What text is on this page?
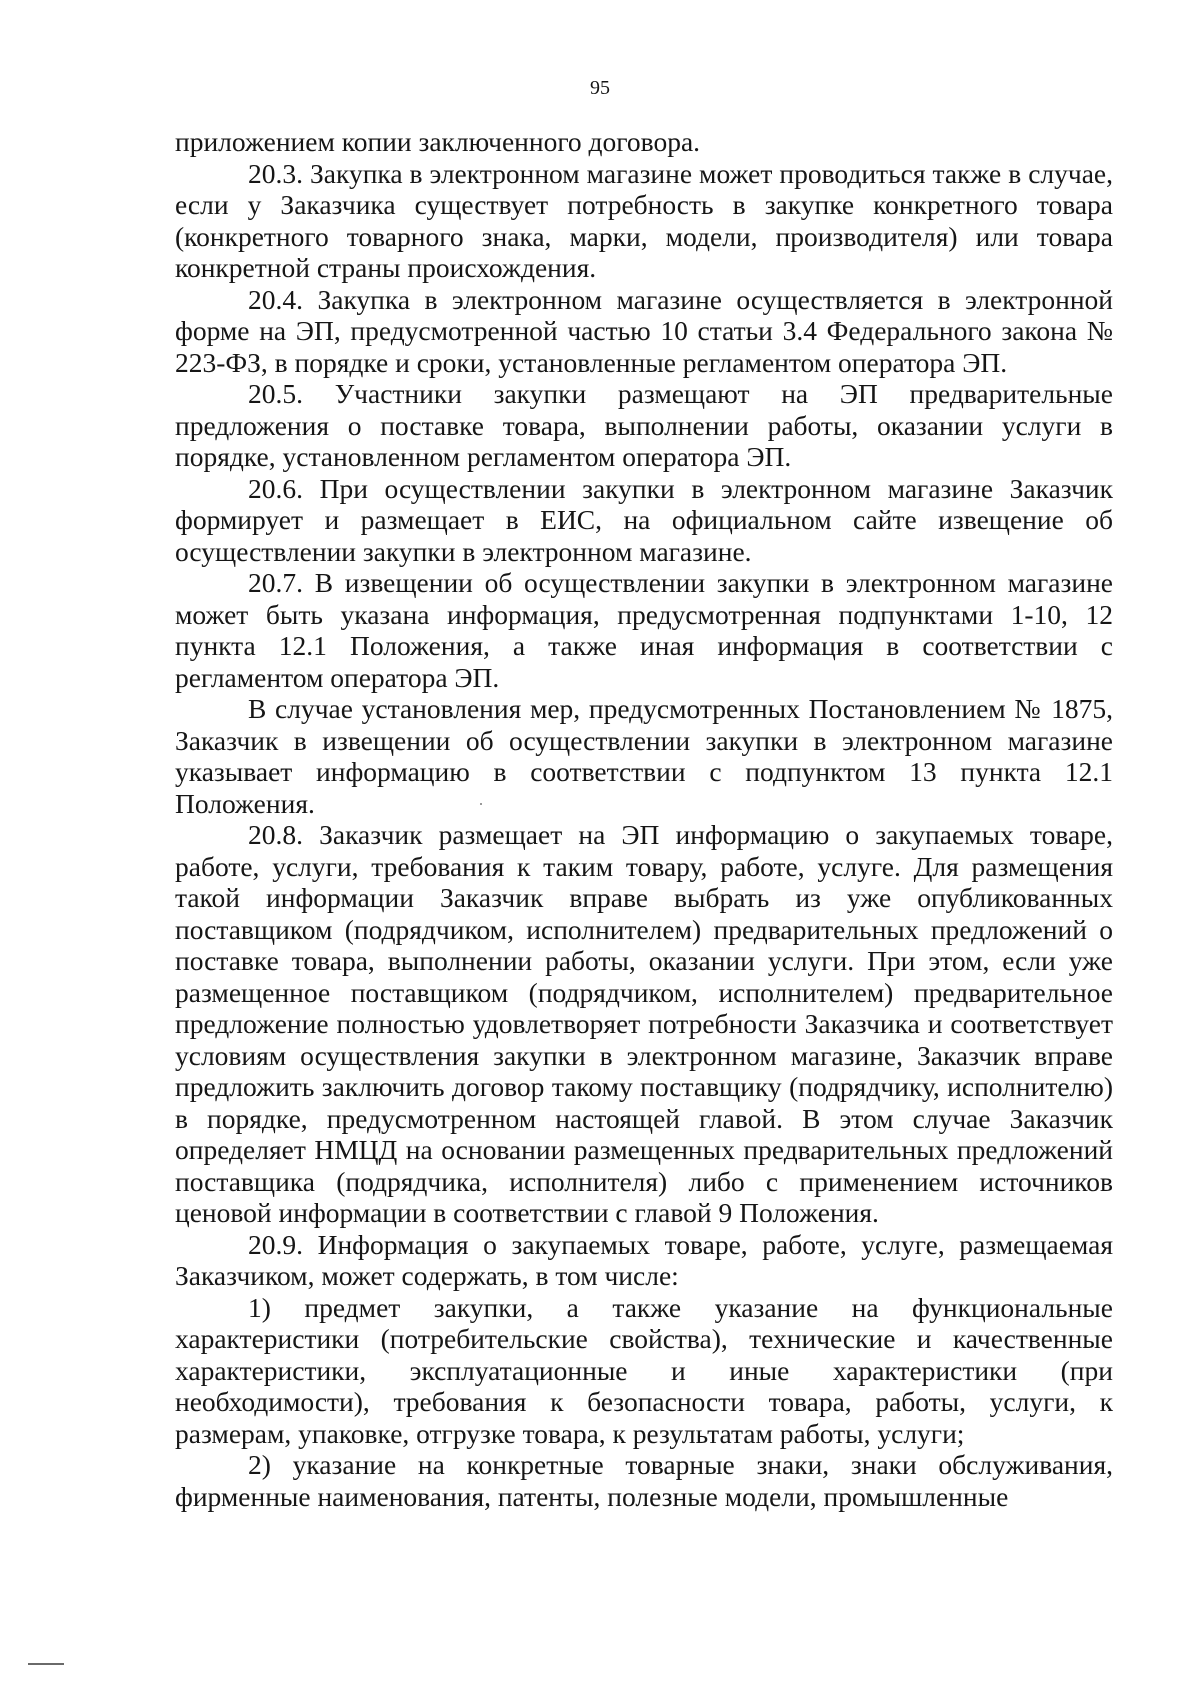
95

приложением копии заключенного договора.

20.3. Закупка в электронном магазине может проводиться также в случае, если у Заказчика существует потребность в закупке конкретного товара (конкретного товарного знака, марки, модели, производителя) или товара конкретной страны происхождения.

20.4. Закупка в электронном магазине осуществляется в электронной форме на ЭП, предусмотренной частью 10 статьи 3.4 Федерального закона № 223-ФЗ, в порядке и сроки, установленные регламентом оператора ЭП.

20.5. Участники закупки размещают на ЭП предварительные предложения о поставке товара, выполнении работы, оказании услуги в порядке, установленном регламентом оператора ЭП.

20.6. При осуществлении закупки в электронном магазине Заказчик формирует и размещает в ЕИС, на официальном сайте извещение об осуществлении закупки в электронном магазине.

20.7. В извещении об осуществлении закупки в электронном магазине может быть указана информация, предусмотренная подпунктами 1-10, 12 пункта 12.1 Положения, а также иная информация в соответствии с регламентом оператора ЭП.

В случае установления мер, предусмотренных Постановлением № 1875, Заказчик в извещении об осуществлении закупки в электронном магазине указывает информацию в соответствии с подпунктом 13 пункта 12.1 Положения.

20.8. Заказчик размещает на ЭП информацию о закупаемых товаре, работе, услуги, требования к таким товару, работе, услуге. Для размещения такой информации Заказчик вправе выбрать из уже опубликованных поставщиком (подрядчиком, исполнителем) предварительных предложений о поставке товара, выполнении работы, оказании услуги. При этом, если уже размещенное поставщиком (подрядчиком, исполнителем) предварительное предложение полностью удовлетворяет потребности Заказчика и соответствует условиям осуществления закупки в электронном магазине, Заказчик вправе предложить заключить договор такому поставщику (подрядчику, исполнителю) в порядке, предусмотренном настоящей главой. В этом случае Заказчик определяет НМЦД на основании размещенных предварительных предложений поставщика (подрядчика, исполнителя) либо с применением источников ценовой информации в соответствии с главой 9 Положения.

20.9. Информация о закупаемых товаре, работе, услуге, размещаемая Заказчиком, может содержать, в том числе:

1) предмет закупки, а также указание на функциональные характеристики (потребительские свойства), технические и качественные характеристики, эксплуатационные и иные характеристики (при необходимости), требования к безопасности товара, работы, услуги, к размерам, упаковке, отгрузке товара, к результатам работы, услуги;

2) указание на конкретные товарные знаки, знаки обслуживания, фирменные наименования, патенты, полезные модели, промышленные
